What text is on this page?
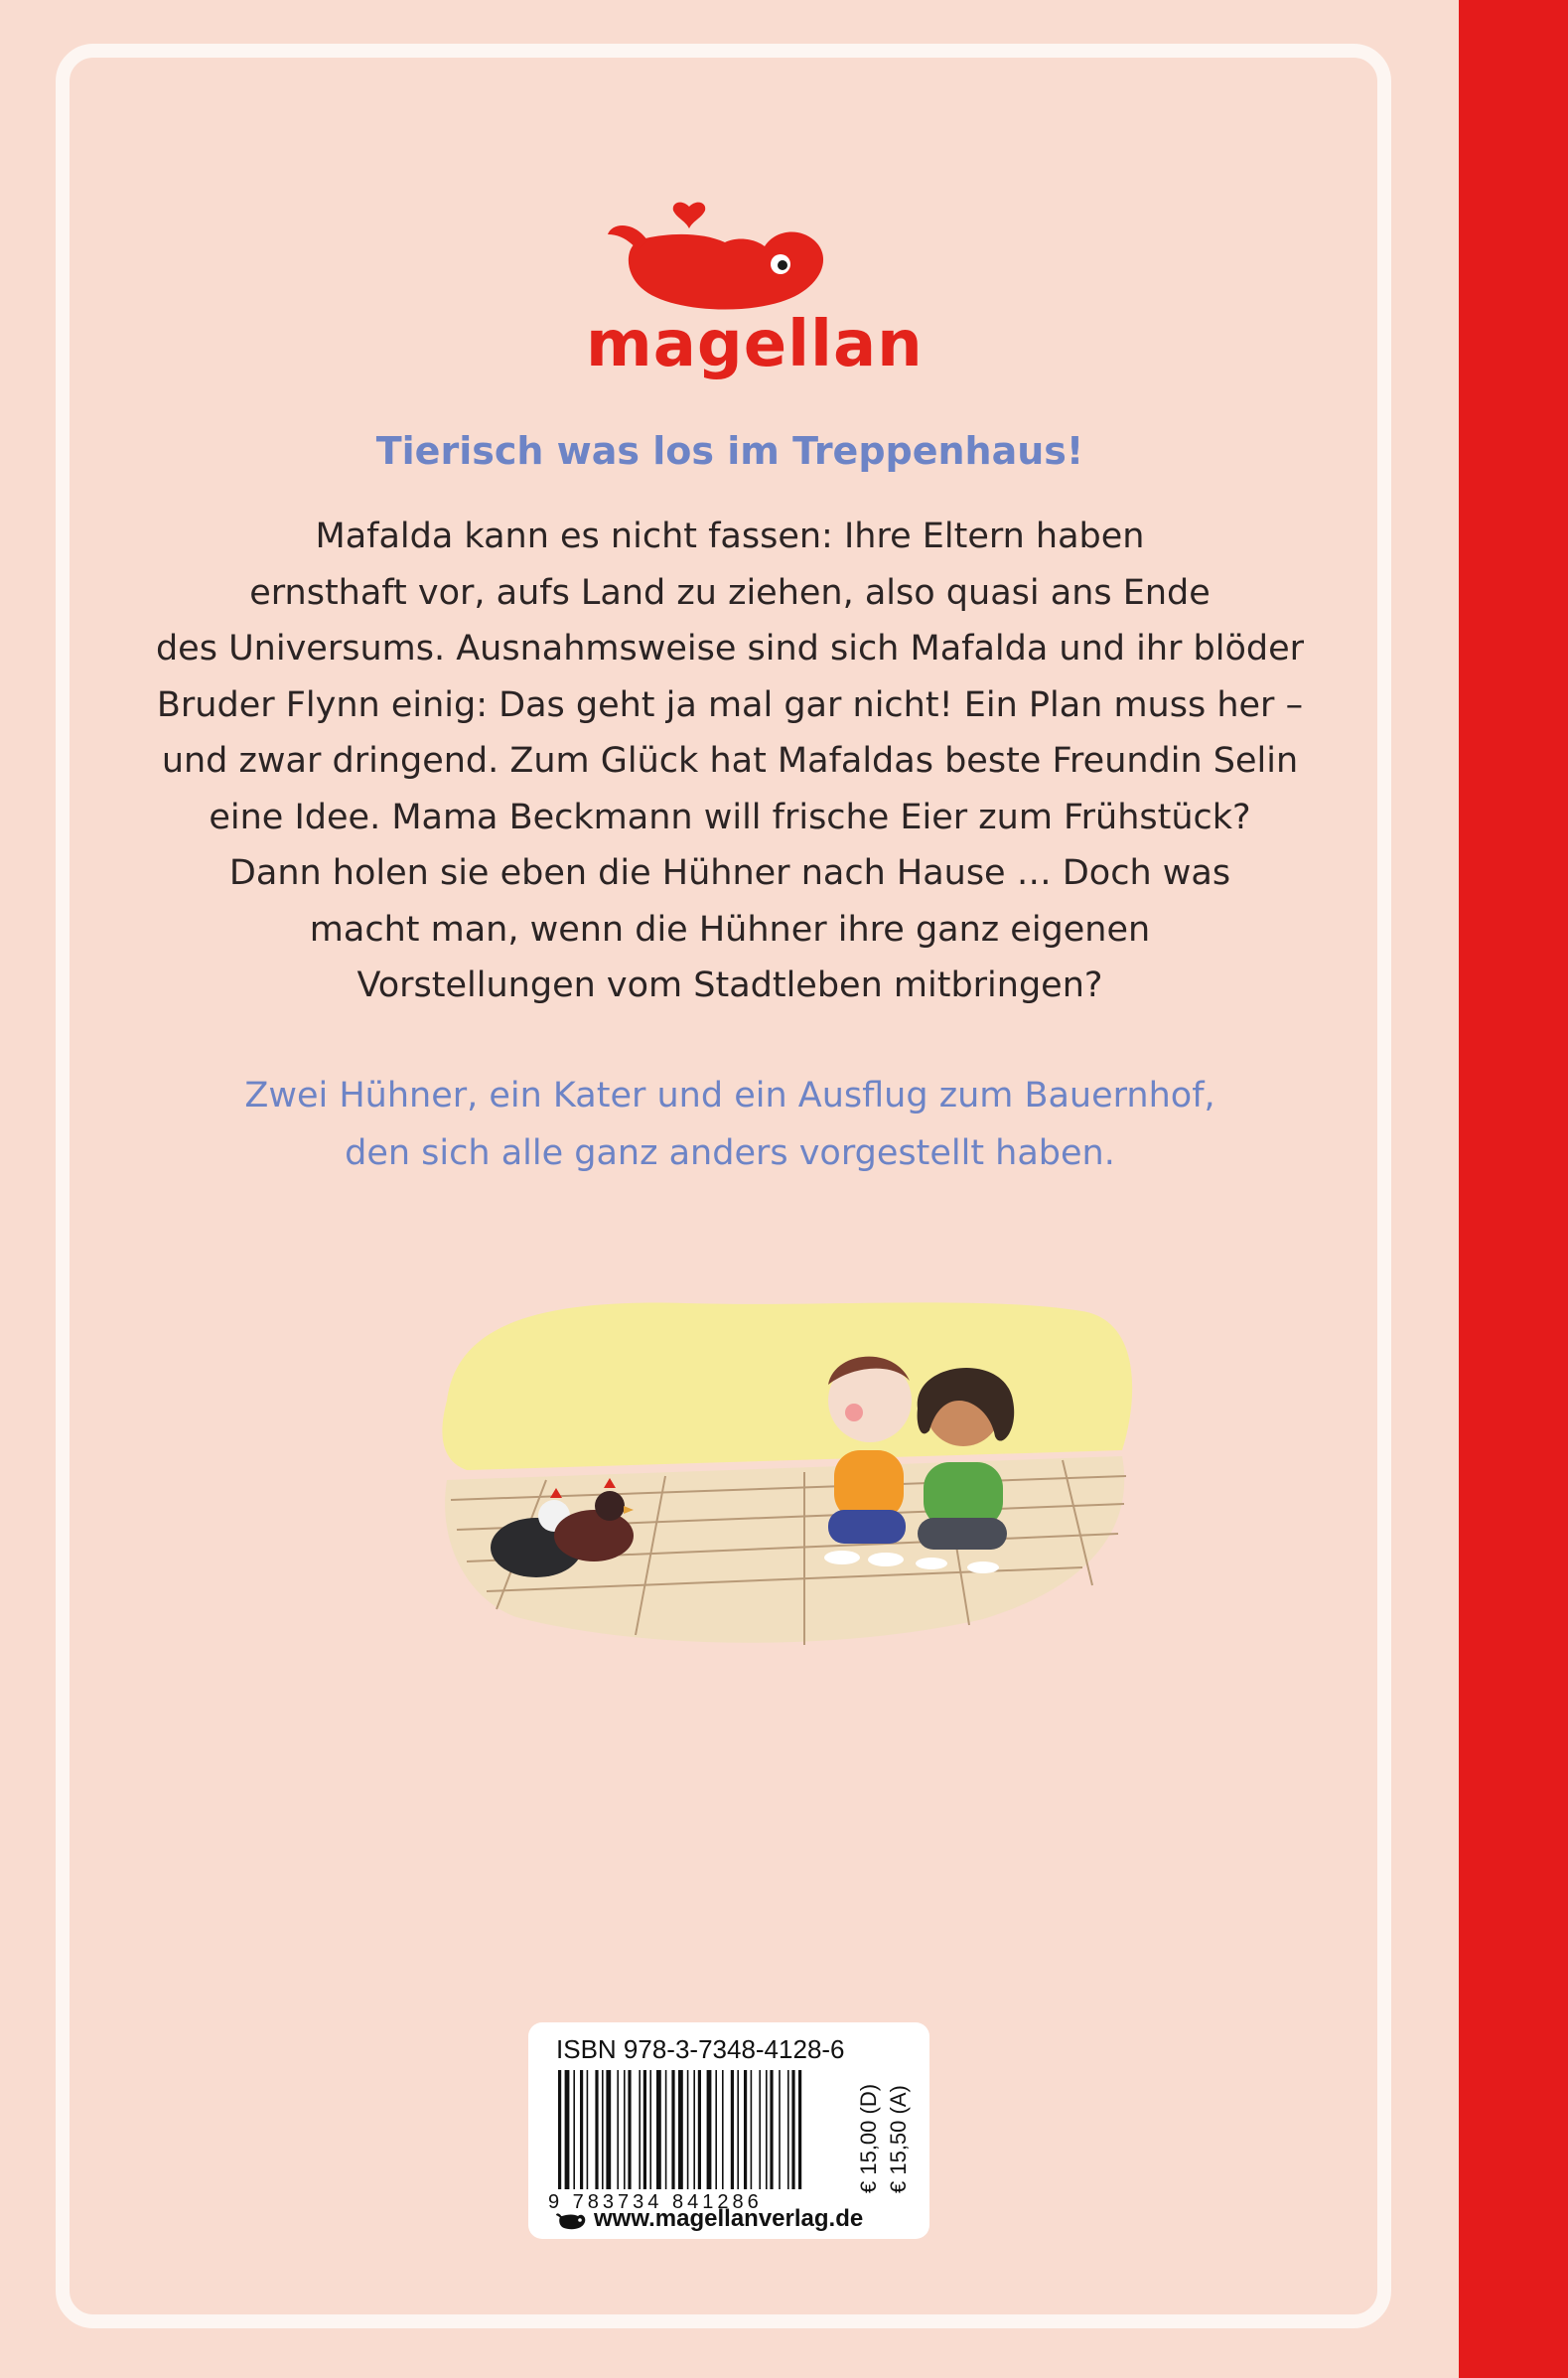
magellan
Tierisch was los im Treppenhaus!
Mafalda kann es nicht fassen: Ihre Eltern haben
ernsthaft vor, aufs Land zu ziehen, also quasi ans Ende
des Universums. Ausnahmsweise sind sich Mafalda und ihr blöder
Bruder Flynn einig: Das geht ja mal gar nicht! Ein Plan muss her –
und zwar dringend. Zum Glück hat Mafaldas beste Freundin Selin
eine Idee. Mama Beckmann will frische Eier zum Frühstück?
Dann holen sie eben die Hühner nach Hause … Doch was
macht man, wenn die Hühner ihre ganz eigenen
Vorstellungen vom Stadtleben mitbringen?
Zwei Hühner, ein Kater und ein Ausflug zum Bauernhof,
den sich alle ganz anders vorgestellt haben.
ISBN 978-3-7348-4128-6
9 783734 841286
€ 15,00 (D) € 15,50 (A)
www.magellanverlag.de
